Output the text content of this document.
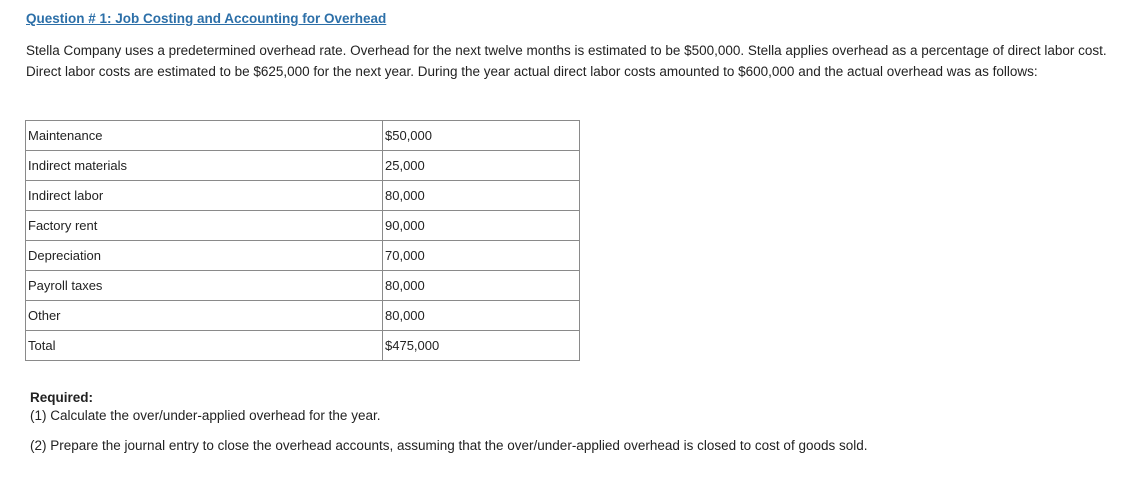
Question # 1: Job Costing and Accounting for Overhead
Stella Company uses a predetermined overhead rate. Overhead for the next twelve months is estimated to be $500,000. Stella applies overhead as a percentage of direct labor cost. Direct labor costs are estimated to be $625,000 for the next year. During the year actual direct labor costs amounted to $600,000 and the actual overhead was as follows:
Maintenance	$50,000
Indirect materials	25,000
Indirect labor	80,000
Factory rent	90,000
Depreciation	70,000
Payroll taxes	80,000
Other	80,000
Total	$475,000
Required:
(1) Calculate the over/under-applied overhead for the year.
(2) Prepare the journal entry to close the overhead accounts, assuming that the over/under-applied overhead is closed to cost of goods sold.
